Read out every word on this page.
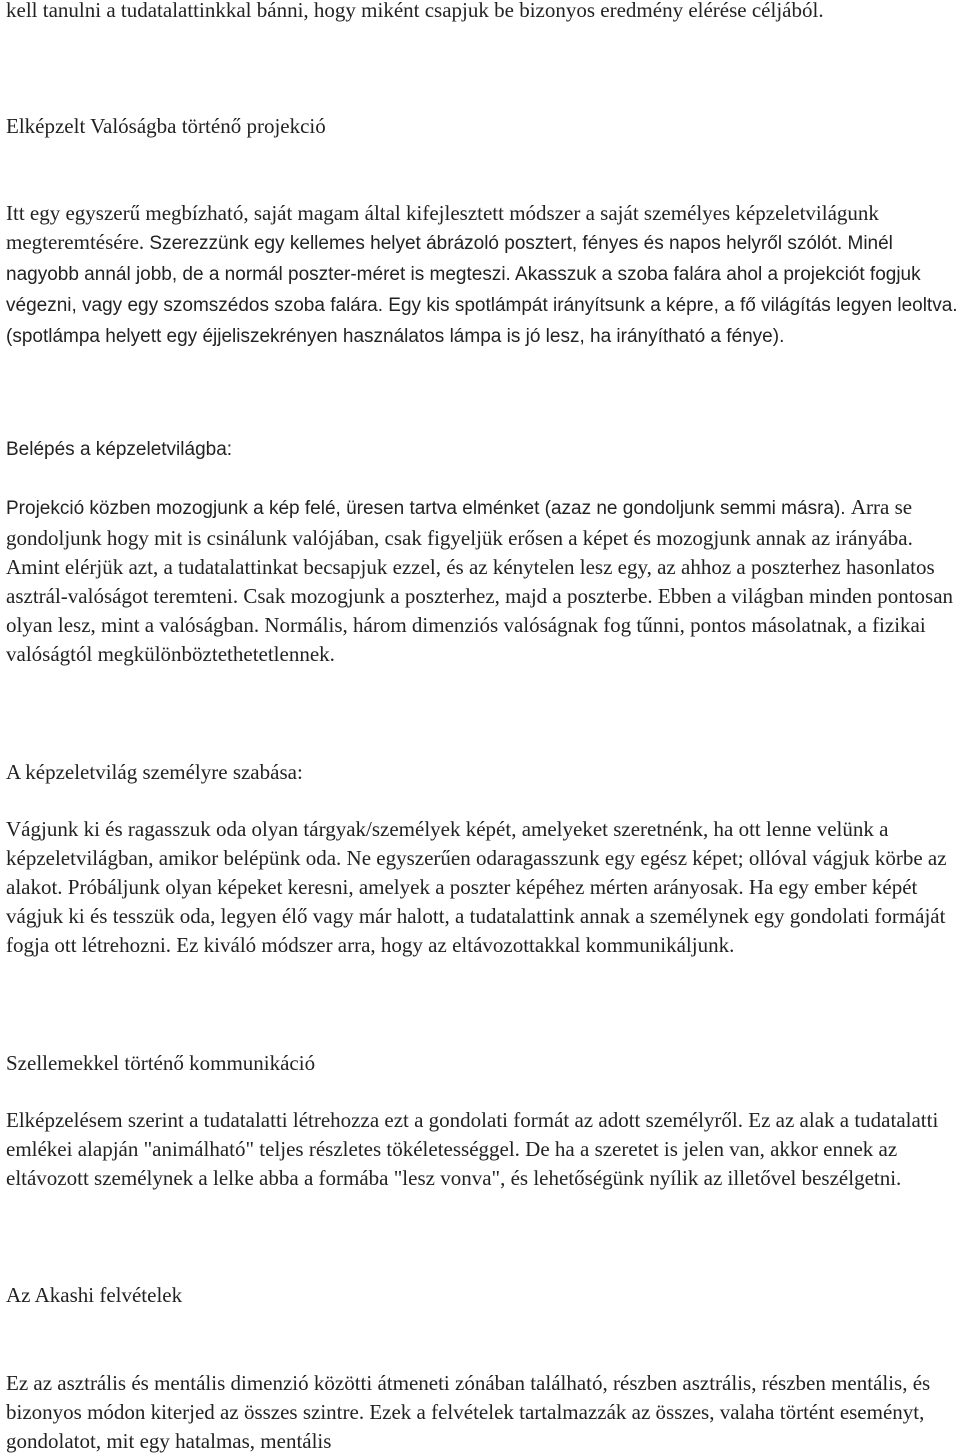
kell tanulni a tudatalattinkkal bánni, hogy miként csapjuk be bizonyos eredmény elérése céljából.

Elképzelt Valóságba történő projekció

Itt egy egyszerű megbízható, saját magam által kifejlesztett módszer a saját személyes képzeletvilágunk megteremtésére. Szerezzünk egy kellemes helyet ábrázoló posztert, fényes és napos helyről szólót. Minél nagyobb annál jobb, de a normál poszter-méret is megteszi. Akasszuk a szoba falára ahol a projekciót fogjuk végezni, vagy egy szomszédos szoba falára. Egy kis spotlámpát irányítsunk a képre, a fő világítás legyen leoltva. (spotlámpa helyett egy éjjeliszekrényen használatos lámpa is jó lesz, ha irányítható a fénye).

Belépés a képzeletvilágba:

Projekció közben mozogjunk a kép felé, üresen tartva elménket (azaz ne gondoljunk semmi másra). Arra se gondoljunk hogy mit is csinálunk valójában, csak figyeljük erősen a képet és mozogjunk annak az irányába. Amint elérjük azt, a tudatalattinkat becsapjuk ezzel, és az kénytelen lesz egy, az ahhoz a poszterhez hasonlatos asztrál-valóságot teremteni. Csak mozogjunk a poszterhez, majd a poszterbe. Ebben a világban minden pontosan olyan lesz, mint a valóságban. Normális, három dimenziós valóságnak fog tűnni, pontos másolatnak, a fizikai valóságtól megkülönböztethetetlennek.

A képzeletvilág személyre szabása:

Vágjunk ki és ragasszuk oda olyan tárgyak/személyek képét, amelyeket szeretnénk, ha ott lenne velünk a képzeletvilágban, amikor belépünk oda. Ne egyszerűen odaragasszunk egy egész képet; ollóval vágjuk körbe az alakot. Próbáljunk olyan képeket keresni, amelyek a poszter képéhez mérten arányosak. Ha egy ember képét vágjuk ki és tesszük oda, legyen élő vagy már halott, a tudatalattink annak a személynek egy gondolati formáját fogja ott létrehozni. Ez kiváló módszer arra, hogy az eltávozottakkal kommunikáljunk.

Szellemekkel történő kommunikáció

Elképzelésem szerint a tudatalatti létrehozza ezt a gondolati formát az adott személyről. Ez az alak a tudatalatti emlékei alapján "animálható" teljes részletes tökéletességgel. De ha a szeretet is jelen van, akkor ennek az eltávozott személynek a lelke abba a formába "lesz vonva", és lehetőségünk nyílik az illetővel beszélgetni.

Az Akashi felvételek

Ez az asztrális és mentális dimenzió közötti átmeneti zónában található, részben asztrális, részben mentális, és bizonyos módon kiterjed az összes szintre. Ezek a felvételek tartalmazzák az összes, valaha történt eseményt, gondolatot, mit egy hatalmas, mentális
